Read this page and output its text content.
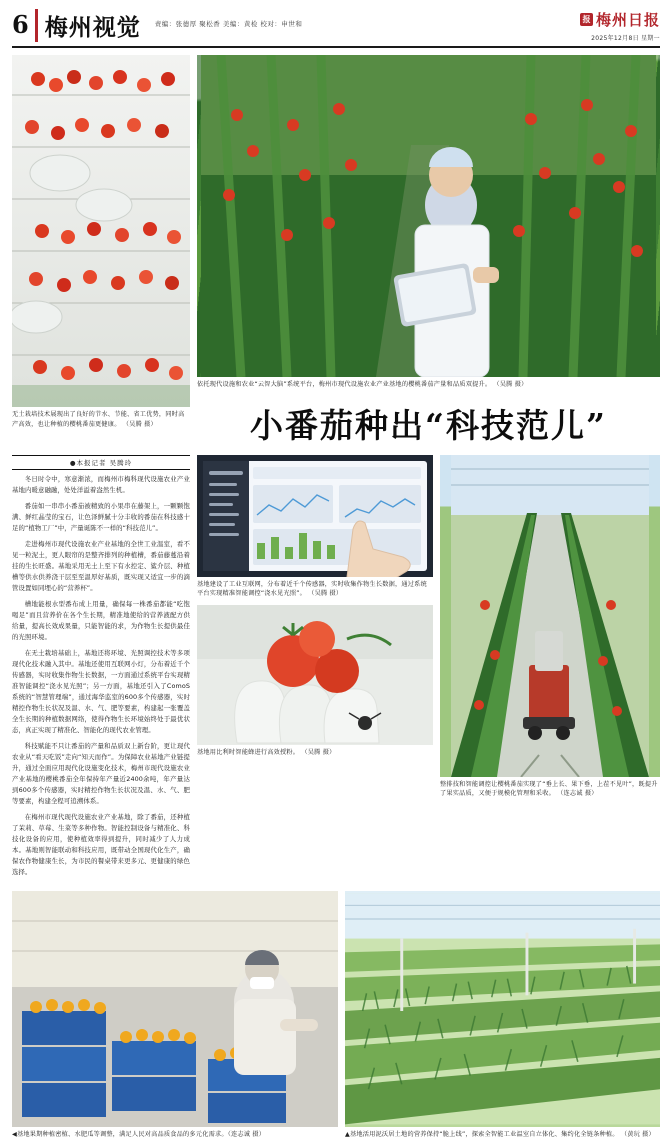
6 梅州视觉 责编：张德厚 聚松香 美编：黄检 校对：申世和
报 梅州日报
2025年12月8日 星期一
无土栽培技术展现出了良好的节水、节能、省工优势，同时高产高效，也让种植的樱桃番茄更健康。 （吴腾 摄）
依托现代设施和农业“云智大脑”系统平台，梅州市现代设施农业产业基地的樱桃番茄产量和品质双提升。 （吴腾 摄）
小番茄种出“科技范儿”
●本报记者 吴腾玲

冬日时令中，寒意渐浓，而梅州市梅科现代设施农业产业基地内暖意融融，处处洋溢着盎然生机。

番茄如一串串小番茄被精致的小果串在藤架上，一颗颗饱满、鲜红晶莹的宝石，让色泽鲜腻十分丰收的番茄在科技感十足的“植物工厂”中，产量诞陈不一样的“科技范儿”。

走进梅州市现代设施农业产业基地的全世工业温室，看不见一粒泥土，更人眼帘的是整齐排列的种植槽，番茄藤蔓沿着挂的生长旺盛。基地采用无土上至下有水控定、鲨介层、种植槽等供水供养浇干层至至温厚好基质，既实现又适宜一步的滴管设置如同埋心的“营养杯”。

槽地能根水型番布成上用量，确保每一株番茄都能“吃饱喝足”而且营养价在各个生长期，精准地使给的营养液配方供给量，提高长效成果量，只能智能的求，为作物生长提供最佳的光照环境。

在无土栽培基础上，基地还将环境、光照调控技术等多项现代化技术融入其中。基地还使用互联网小灯，分布着近千个传感器，实时收集作物生长数据，一方面通过系统平台实现精准智能调控“浇水见光照”；另一方面，基地还引入了ComoS系统的“智慧管理端”，通过海华监室的600多个传感器，实时精控作物生长状况及温、水、气、肥等要素，构建起一张覆盖全生长期的种植数据网络，使得作物生长环境始终处于最优状态，真正实现了精准化、智能化的现代农业管理。

科技赋能不只让番茄的产量和品质双上新台阶，更让现代农业从“看天吃饭”走向“知天而作”。为保障农业基地产业链提升，通过全面应用现代化设施变化技术，梅州市现代设施农业产业基地的樱桃番茄全年保持年产量近2400余吨，年产量达到600多个传感器，实时精控作物生长状况及温、水、气、肥等要素，构建全程可追溯体系。

在梅州市现代现代设施农业产业基地，除了番茄，还种植了茉莉、草莓、生菜等多种作物。智能控制设备与精准化、科技化设备的应用，使种植效率得到提升，同时减少了人力成本。基地则智能联动和科技应用，既带动全国现代化生产，确保农作物健康生长，为市民的餐桌带来更多元、更健康的绿色选择。

基地建设了工业互联网，分布着近千个传感器，实时收集作物生长数据，通过系统平台实现精准智能调控“浇水见光照”。 （吴腾 摄）
基地用比利时智能蜂进行高效授粉。 （吴腾 摄）
整排技和智能调控让樱桃番茄实现了“垂上长、果下垂，上茬不见叶”，既提升了果实品质，又便于规模化管理和采收。 （连志诚 摄）
◀基地果期种植密植、水肥瓜等调整，满足人民对高品质食品的多元化需求。（连志诚 摄）	▲基地活用泥沃居土地的营养保持“脆上线”，探索全智能工业温室自立体化、集约化全链条种植。 （黄玩 摄）
